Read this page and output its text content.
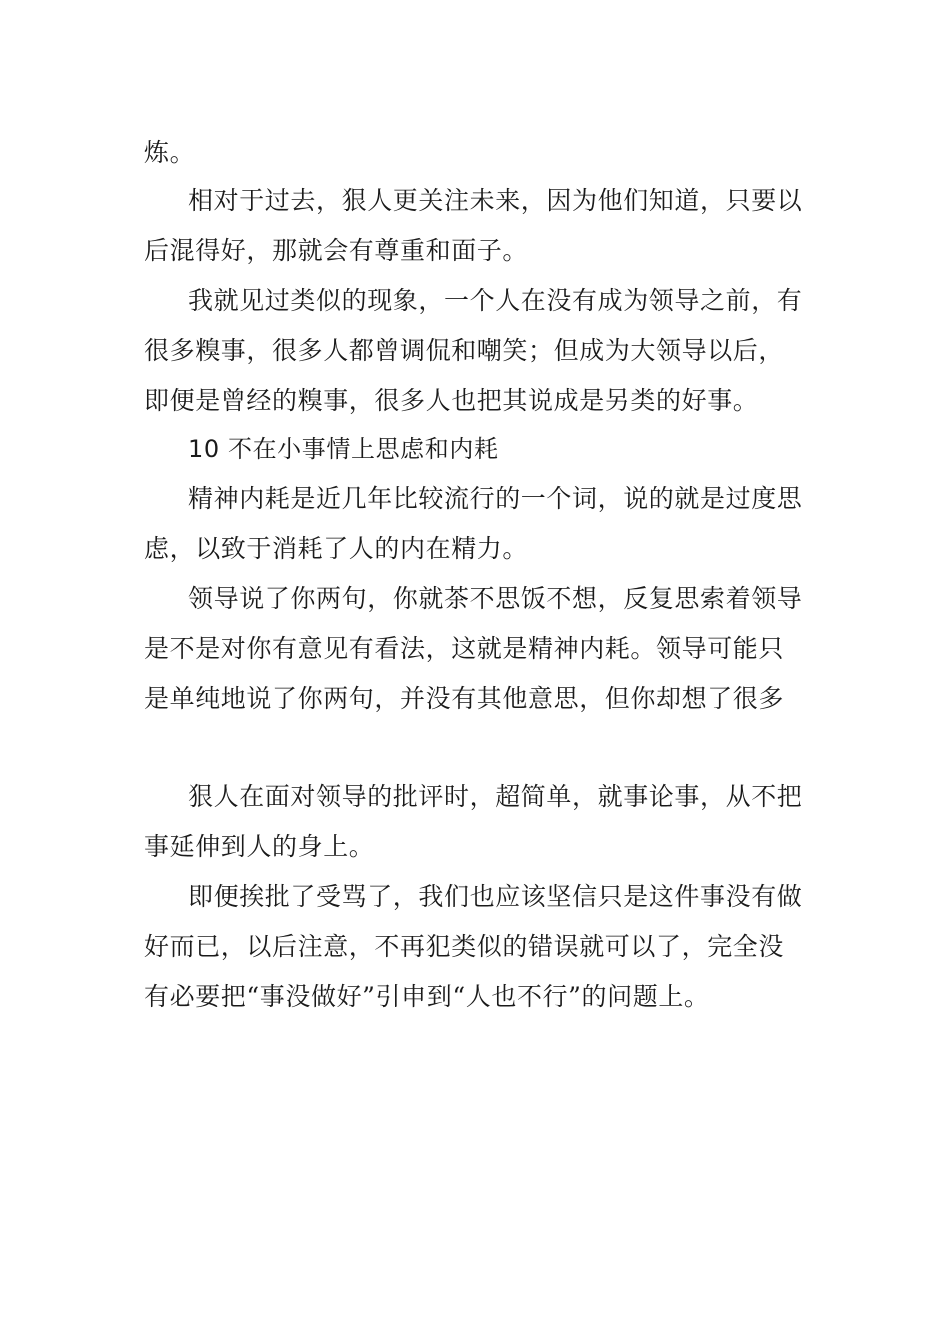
炼。
相对于过去，狠人更关注未来，因为他们知道，只要以
后混得好，那就会有尊重和面子。
我就见过类似的现象，一个人在没有成为领导之前，有
很多糗事，很多人都曾调侃和嘲笑；但成为大领导以后，
即便是曾经的糗事，很多人也把其说成是另类的好事。
10 不在小事情上思虑和内耗
精神内耗是近几年比较流行的一个词，说的就是过度思
虑，以致于消耗了人的内在精力。
领导说了你两句，你就茶不思饭不想，反复思索着领导
是不是对你有意见有看法，这就是精神内耗。领导可能只
是单纯地说了你两句，并没有其他意思，但你却想了很多
狠人在面对领导的批评时，超简单，就事论事，从不把
事延伸到人的身上。
即便挨批了受骂了，我们也应该坚信只是这件事没有做
好而已，以后注意，不再犯类似的错误就可以了，完全没
有必要把“事没做好”引申到“人也不行”的问题上。
